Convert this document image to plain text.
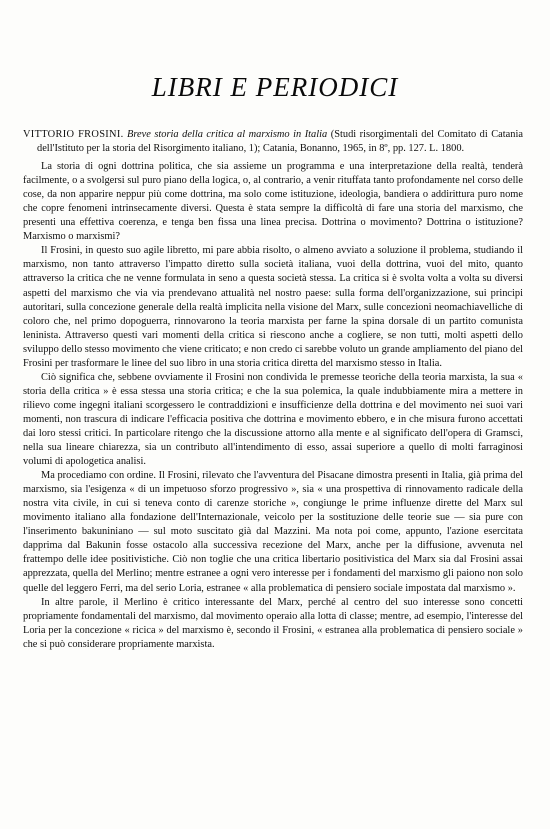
LIBRI E PERIODICI

VITTORIO FROSINI. Breve storia della critica al marxismo in Italia (Studi risorgimentali del Comitato di Catania dell'Istituto per la storia del Risorgimento italiano, 1); Catania, Bonanno, 1965, in 8º, pp. 127. L. 1800.

La storia di ogni dottrina politica, che sia assieme un programma e una interpretazione della realtà, tenderà facilmente, o a svolgersi sul puro piano della logica, o, al contrario, a venir rituffata tanto profondamente nel corso delle cose, da non apparire neppur più come dottrina, ma solo come istituzione, ideologia, bandiera o addirittura puro nome che copre fenomeni intrinsecamente diversi. Questa è stata sempre la difficoltà di fare una storia del marxismo, che presenti una effettiva coerenza, e tenga ben fissa una linea precisa. Dottrina o movimento? Dottrina o istituzione? Marxismo o marxismi?

Il Frosini, in questo suo agile libretto, mi pare abbia risolto, o almeno avviato a soluzione il problema, studiando il marxismo, non tanto attraverso l'impatto diretto sulla società italiana, vuoi della dottrina, vuoi del mito, quanto attraverso la critica che ne venne formulata in seno a questa società stessa. La critica si è svolta volta a volta su diversi aspetti del marxismo che via via prendevano attualità nel nostro paese: sulla forma dell'organizzazione, sui principi autoritari, sulla concezione generale della realtà implicita nella visione del Marx, sulle concezioni neomachiavelliche di coloro che, nel primo dopoguerra, rinnovarono la teoria marxista per farne la spina dorsale di un partito comunista leninista. Attraverso questi vari momenti della critica si riescono anche a cogliere, se non tutti, molti aspetti dello sviluppo dello stesso movimento che viene criticato; e non credo ci sarebbe voluto un grande ampliamento del piano del Frosini per trasformare le linee del suo libro in una storia critica diretta del marxismo stesso in Italia.

Ciò significa che, sebbene ovviamente il Frosini non condivida le premesse teoriche della teoria marxista, la sua « storia della critica » è essa stessa una storia critica; e che la sua polemica, la quale indubbiamente mira a mettere in rilievo come ingegni italiani scorgessero le contraddizioni e insufficienze della dottrina e del movimento nei suoi vari momenti, non trascura di indicare l'efficacia positiva che dottrina e movimento ebbero, e in che misura furono accettati dai loro stessi critici. In particolare ritengo che la discussione attorno alla mente e al significato dell'opera di Gramsci, nella sua lineare chiarezza, sia un contributo all'intendimento di esso, assai superiore a quello di molti farraginosi volumi di apologetica analisi.

Ma procediamo con ordine. Il Frosini, rilevato che l'avventura del Pisacane dimostra presenti in Italia, già prima del marxismo, sia l'esigenza « di un impetuoso sforzo progressivo », sia « una prospettiva di rinnovamento radicale della nostra vita civile, in cui si teneva conto di carenze storiche », congiunge le prime influenze dirette del Marx sul movimento italiano alla fondazione dell'Internazionale, veicolo per la sostituzione delle teorie sue — sia pure con l'inserimento bakuniniano — sul moto suscitato già dal Mazzini. Ma nota poi come, appunto, l'azione esercitata dapprima dal Bakunin fosse ostacolo alla successiva recezione del Marx, anche per la diffusione, avvenuta nel frattempo delle idee positivistiche. Ciò non toglie che una critica libertario positivistica del Marx sia dal Frosini assai apprezzata, quella del Merlino; mentre estranee a ogni vero interesse per i fondamenti del marxismo gli paiono non solo quelle del leggero Ferri, ma del serio Loria, estranee « alla problematica di pensiero sociale impostata dal marxismo ».

In altre parole, il Merlino è critico interessante del Marx, perché al centro del suo interesse sono concetti propriamente fondamentali del marxismo, dal movimento operaio alla lotta di classe; mentre, ad esempio, l'interesse del Loria per la concezione « ricica » del marxismo è, secondo il Frosini, « estranea alla problematica di pensiero sociale » che si può considerare propriamente marxista.
